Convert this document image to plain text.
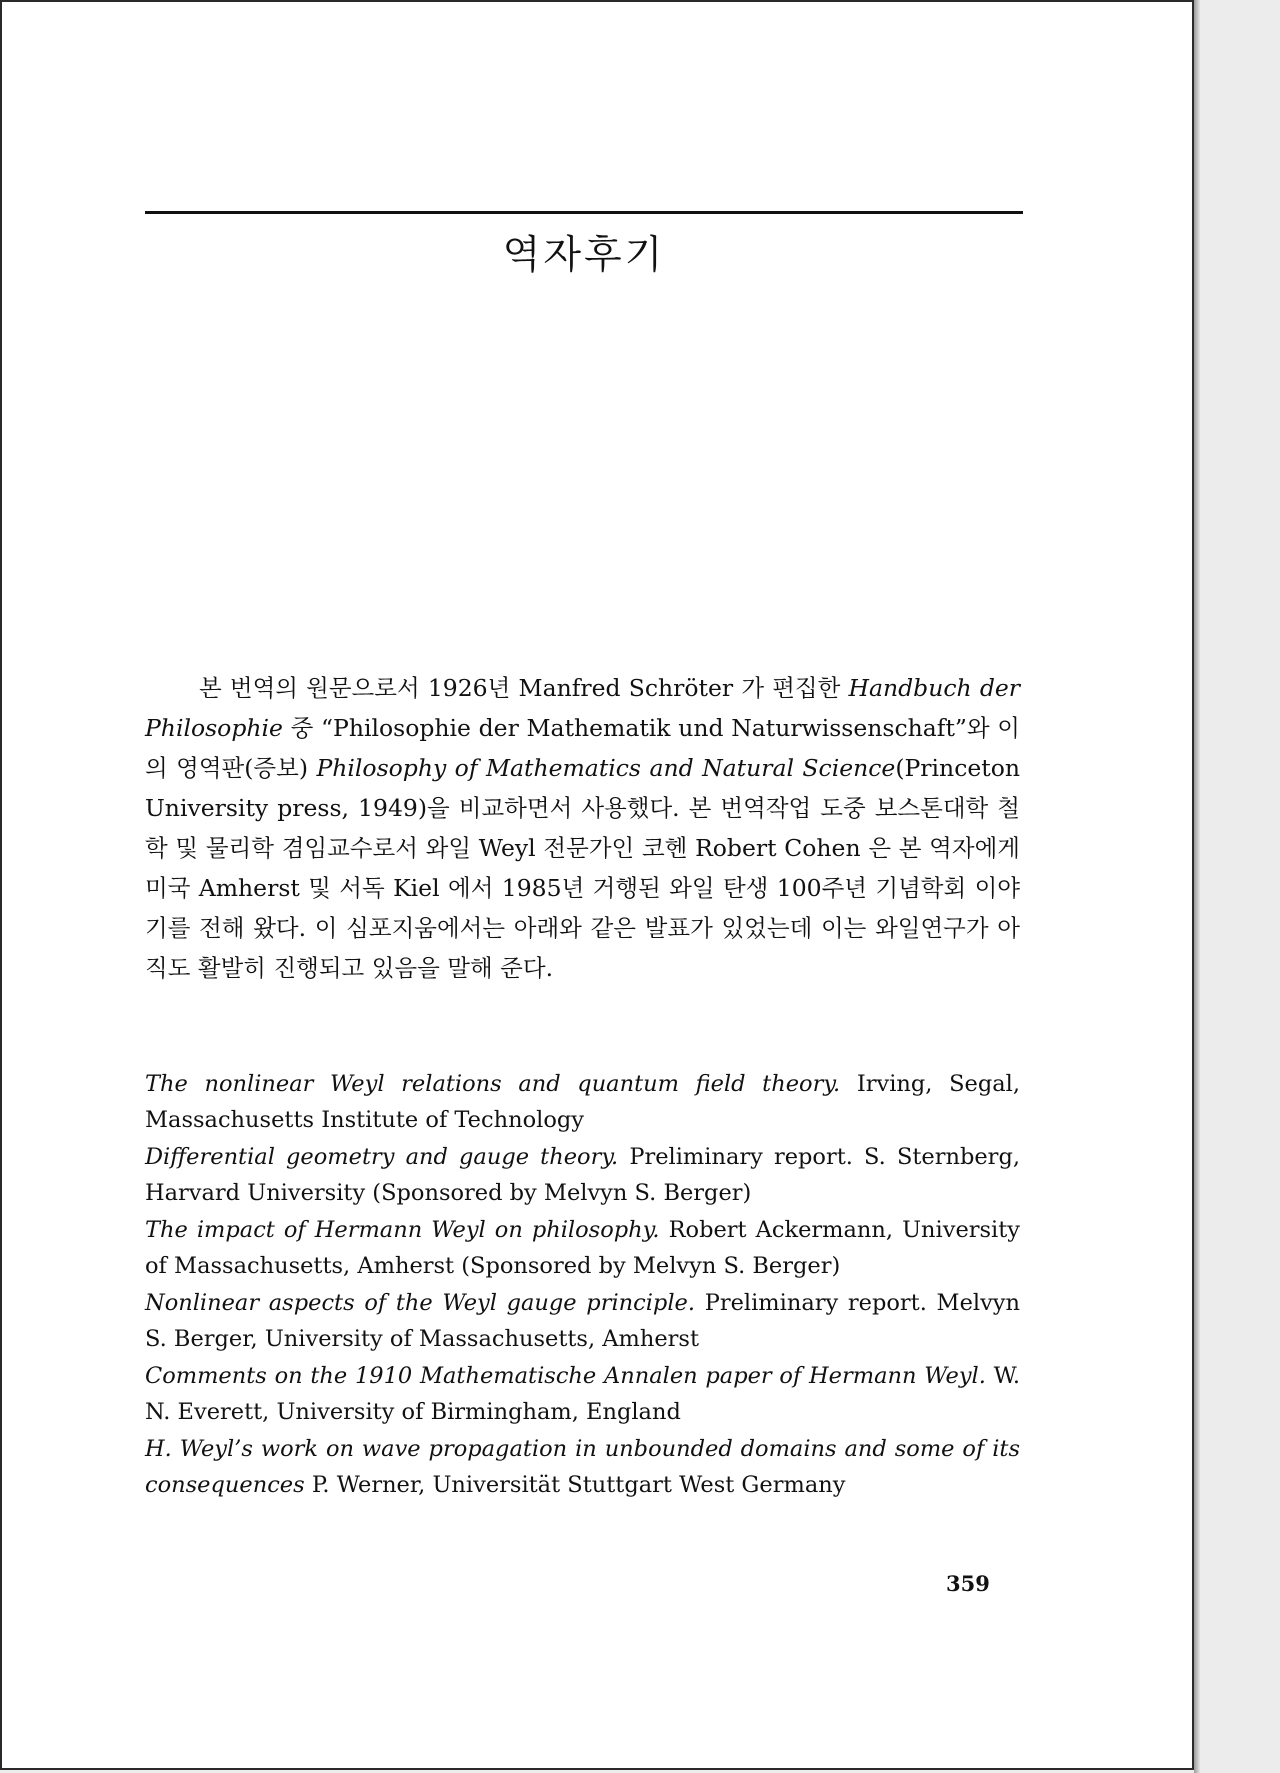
역자후기

본 번역의 원문으로서 1926년 Manfred Schröter 가 편집한 Handbuch der Philosophie 중 “Philosophie der Mathematik und Naturwissenschaft”와 이의 영역판(증보) Philosophy of Mathematics and Natural Science(Princeton University press, 1949)을 비교하면서 사용했다. 본 번역작업 도중 보스톤대학 철학 및 물리학 겸임교수로서 와일 Weyl 전문가인 코헨 Robert Cohen 은 본 역자에게 미국 Amherst 및 서독 Kiel 에서 1985년 거행된 와일 탄생 100주년 기념학회 이야기를 전해 왔다. 이 심포지움에서는 아래와 같은 발표가 있었는데 이는 와일연구가 아직도 활발히 진행되고 있음을 말해 준다.

The nonlinear Weyl relations and quantum field theory. Irving, Segal, Massachusetts Institute of Technology
Differential geometry and gauge theory. Preliminary report. S. Sternberg, Harvard University (Sponsored by Melvyn S. Berger)
The impact of Hermann Weyl on philosophy. Robert Ackermann, University of Massachusetts, Amherst (Sponsored by Melvyn S. Berger)
Nonlinear aspects of the Weyl gauge principle. Preliminary report. Melvyn S. Berger, University of Massachusetts, Amherst
Comments on the 1910 Mathematische Annalen paper of Hermann Weyl. W. N. Everett, University of Birmingham, England
H. Weyl’s work on wave propagation in unbounded domains and some of its consequences P. Werner, Universität Stuttgart West Germany
359
